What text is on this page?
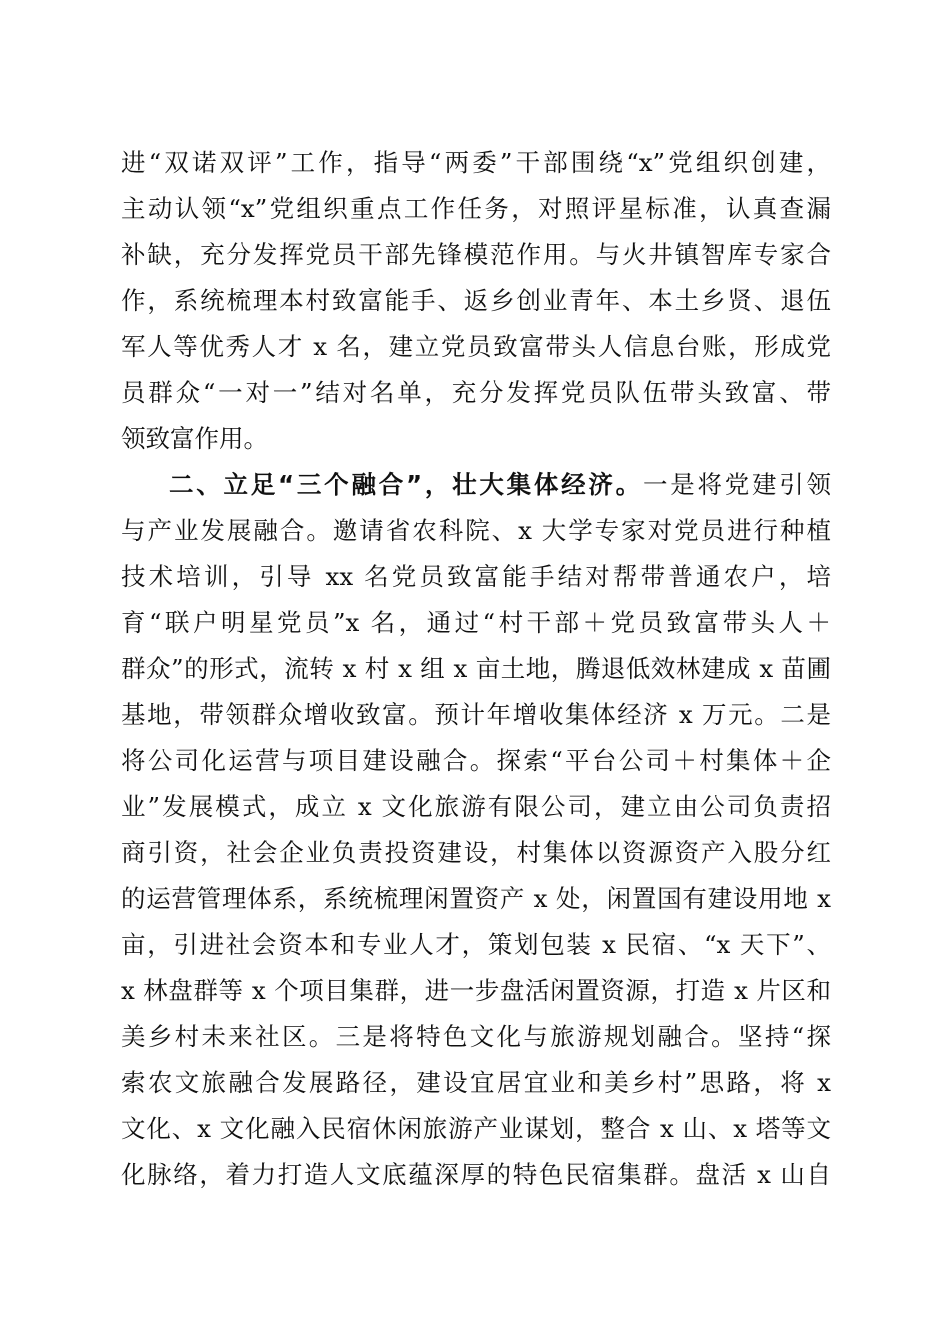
进“双诺双评”工作，指导“两委”干部围绕“x”党组织创建，
主动认领“x”党组织重点工作任务，对照评星标准，认真查漏
补缺，充分发挥党员干部先锋模范作用。与火井镇智库专家合
作，系统梳理本村致富能手、返乡创业青年、本土乡贤、退伍
军人等优秀人才 x 名，建立党员致富带头人信息台账，形成党
员群众“一对一”结对名单，充分发挥党员队伍带头致富、带
领致富作用。
二、立足“三个融合”，壮大集体经济。一是将党建引领
与产业发展融合。邀请省农科院、x 大学专家对党员进行种植
技术培训，引导 xx 名党员致富能手结对帮带普通农户，培
育“联户明星党员”x 名，通过“村干部＋党员致富带头人＋
群众”的形式，流转 x 村 x 组 x 亩土地，腾退低效林建成 x 苗圃
基地，带领群众增收致富。预计年增收集体经济 x 万元。二是
将公司化运营与项目建设融合。探索“平台公司＋村集体＋企
业”发展模式，成立 x 文化旅游有限公司，建立由公司负责招
商引资，社会企业负责投资建设，村集体以资源资产入股分红
的运营管理体系，系统梳理闲置资产 x 处，闲置国有建设用地 x
亩，引进社会资本和专业人才，策划包装 x 民宿、“x 天下”、
x 林盘群等 x 个项目集群，进一步盘活闲置资源，打造 x 片区和
美乡村未来社区。三是将特色文化与旅游规划融合。坚持“探
索农文旅融合发展路径，建设宜居宜业和美乡村”思路，将 x
文化、x 文化融入民宿休闲旅游产业谋划，整合 x 山、x 塔等文
化脉络，着力打造人文底蕴深厚的特色民宿集群。盘活 x 山自
